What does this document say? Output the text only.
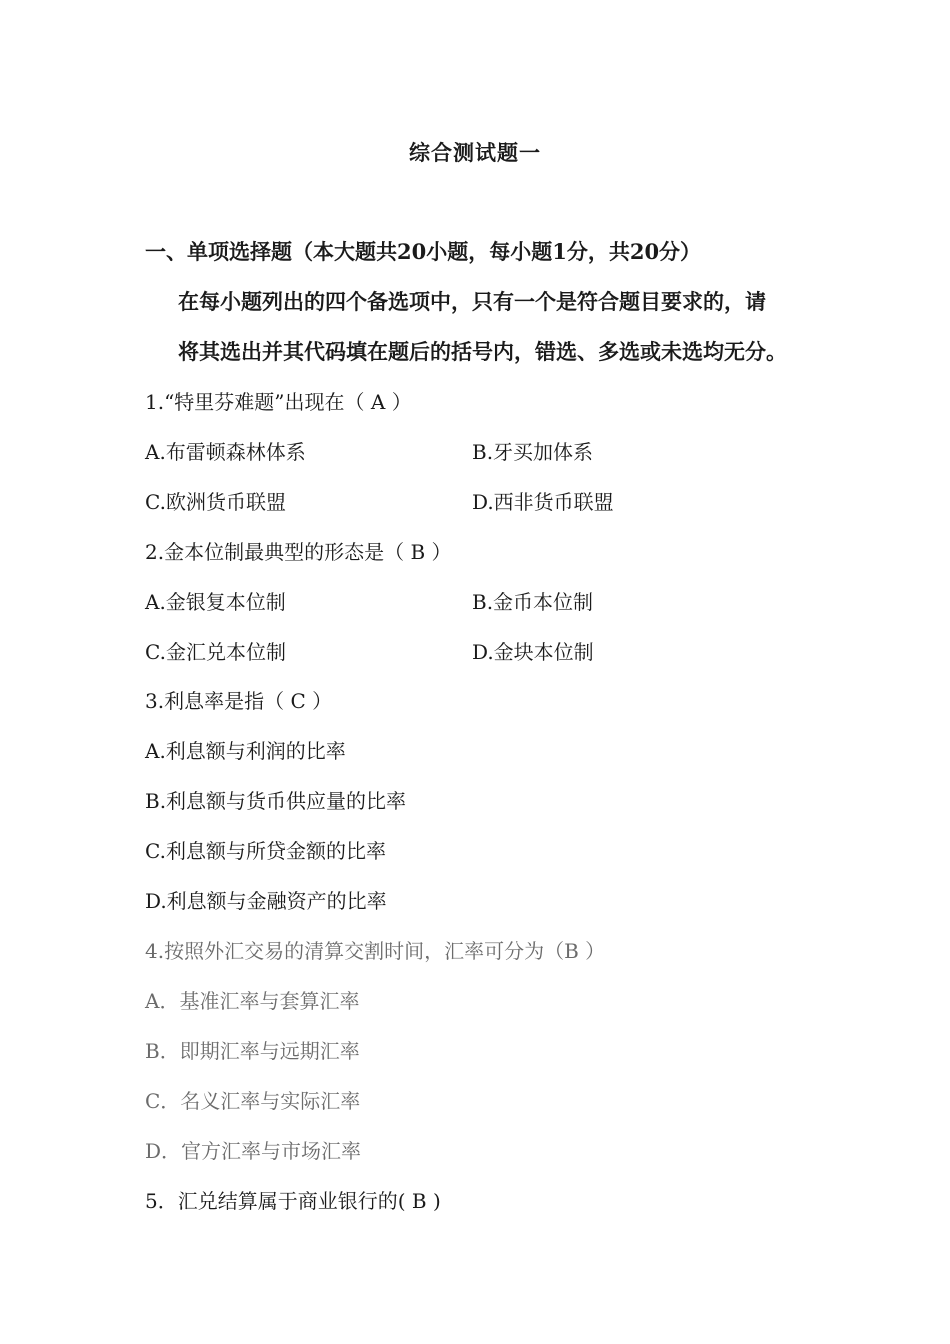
综合测试题一
一、单项选择题（本大题共20小题，每小题1分，共20分）
在每小题列出的四个备选项中，只有一个是符合题目要求的，请
将其选出并其代码填在题后的括号内，错选、多选或未选均无分。
1.“特里芬难题”出现在（ A ）
A.布雷顿森林体系	B.牙买加体系
C.欧洲货币联盟	D.西非货币联盟
2.金本位制最典型的形态是（ B ）
A.金银复本位制	B.金币本位制
C.金汇兑本位制	D.金块本位制
3.利息率是指（ C ）
A.利息额与利润的比率
B.利息额与货币供应量的比率
C.利息额与所贷金额的比率
D.利息额与金融资产的比率
4.按照外汇交易的清算交割时间，汇率可分为（B ）
A．基准汇率与套算汇率
B．即期汇率与远期汇率
C．名义汇率与实际汇率
D．官方汇率与市场汇率
5．汇兑结算属于商业银行的( B )
